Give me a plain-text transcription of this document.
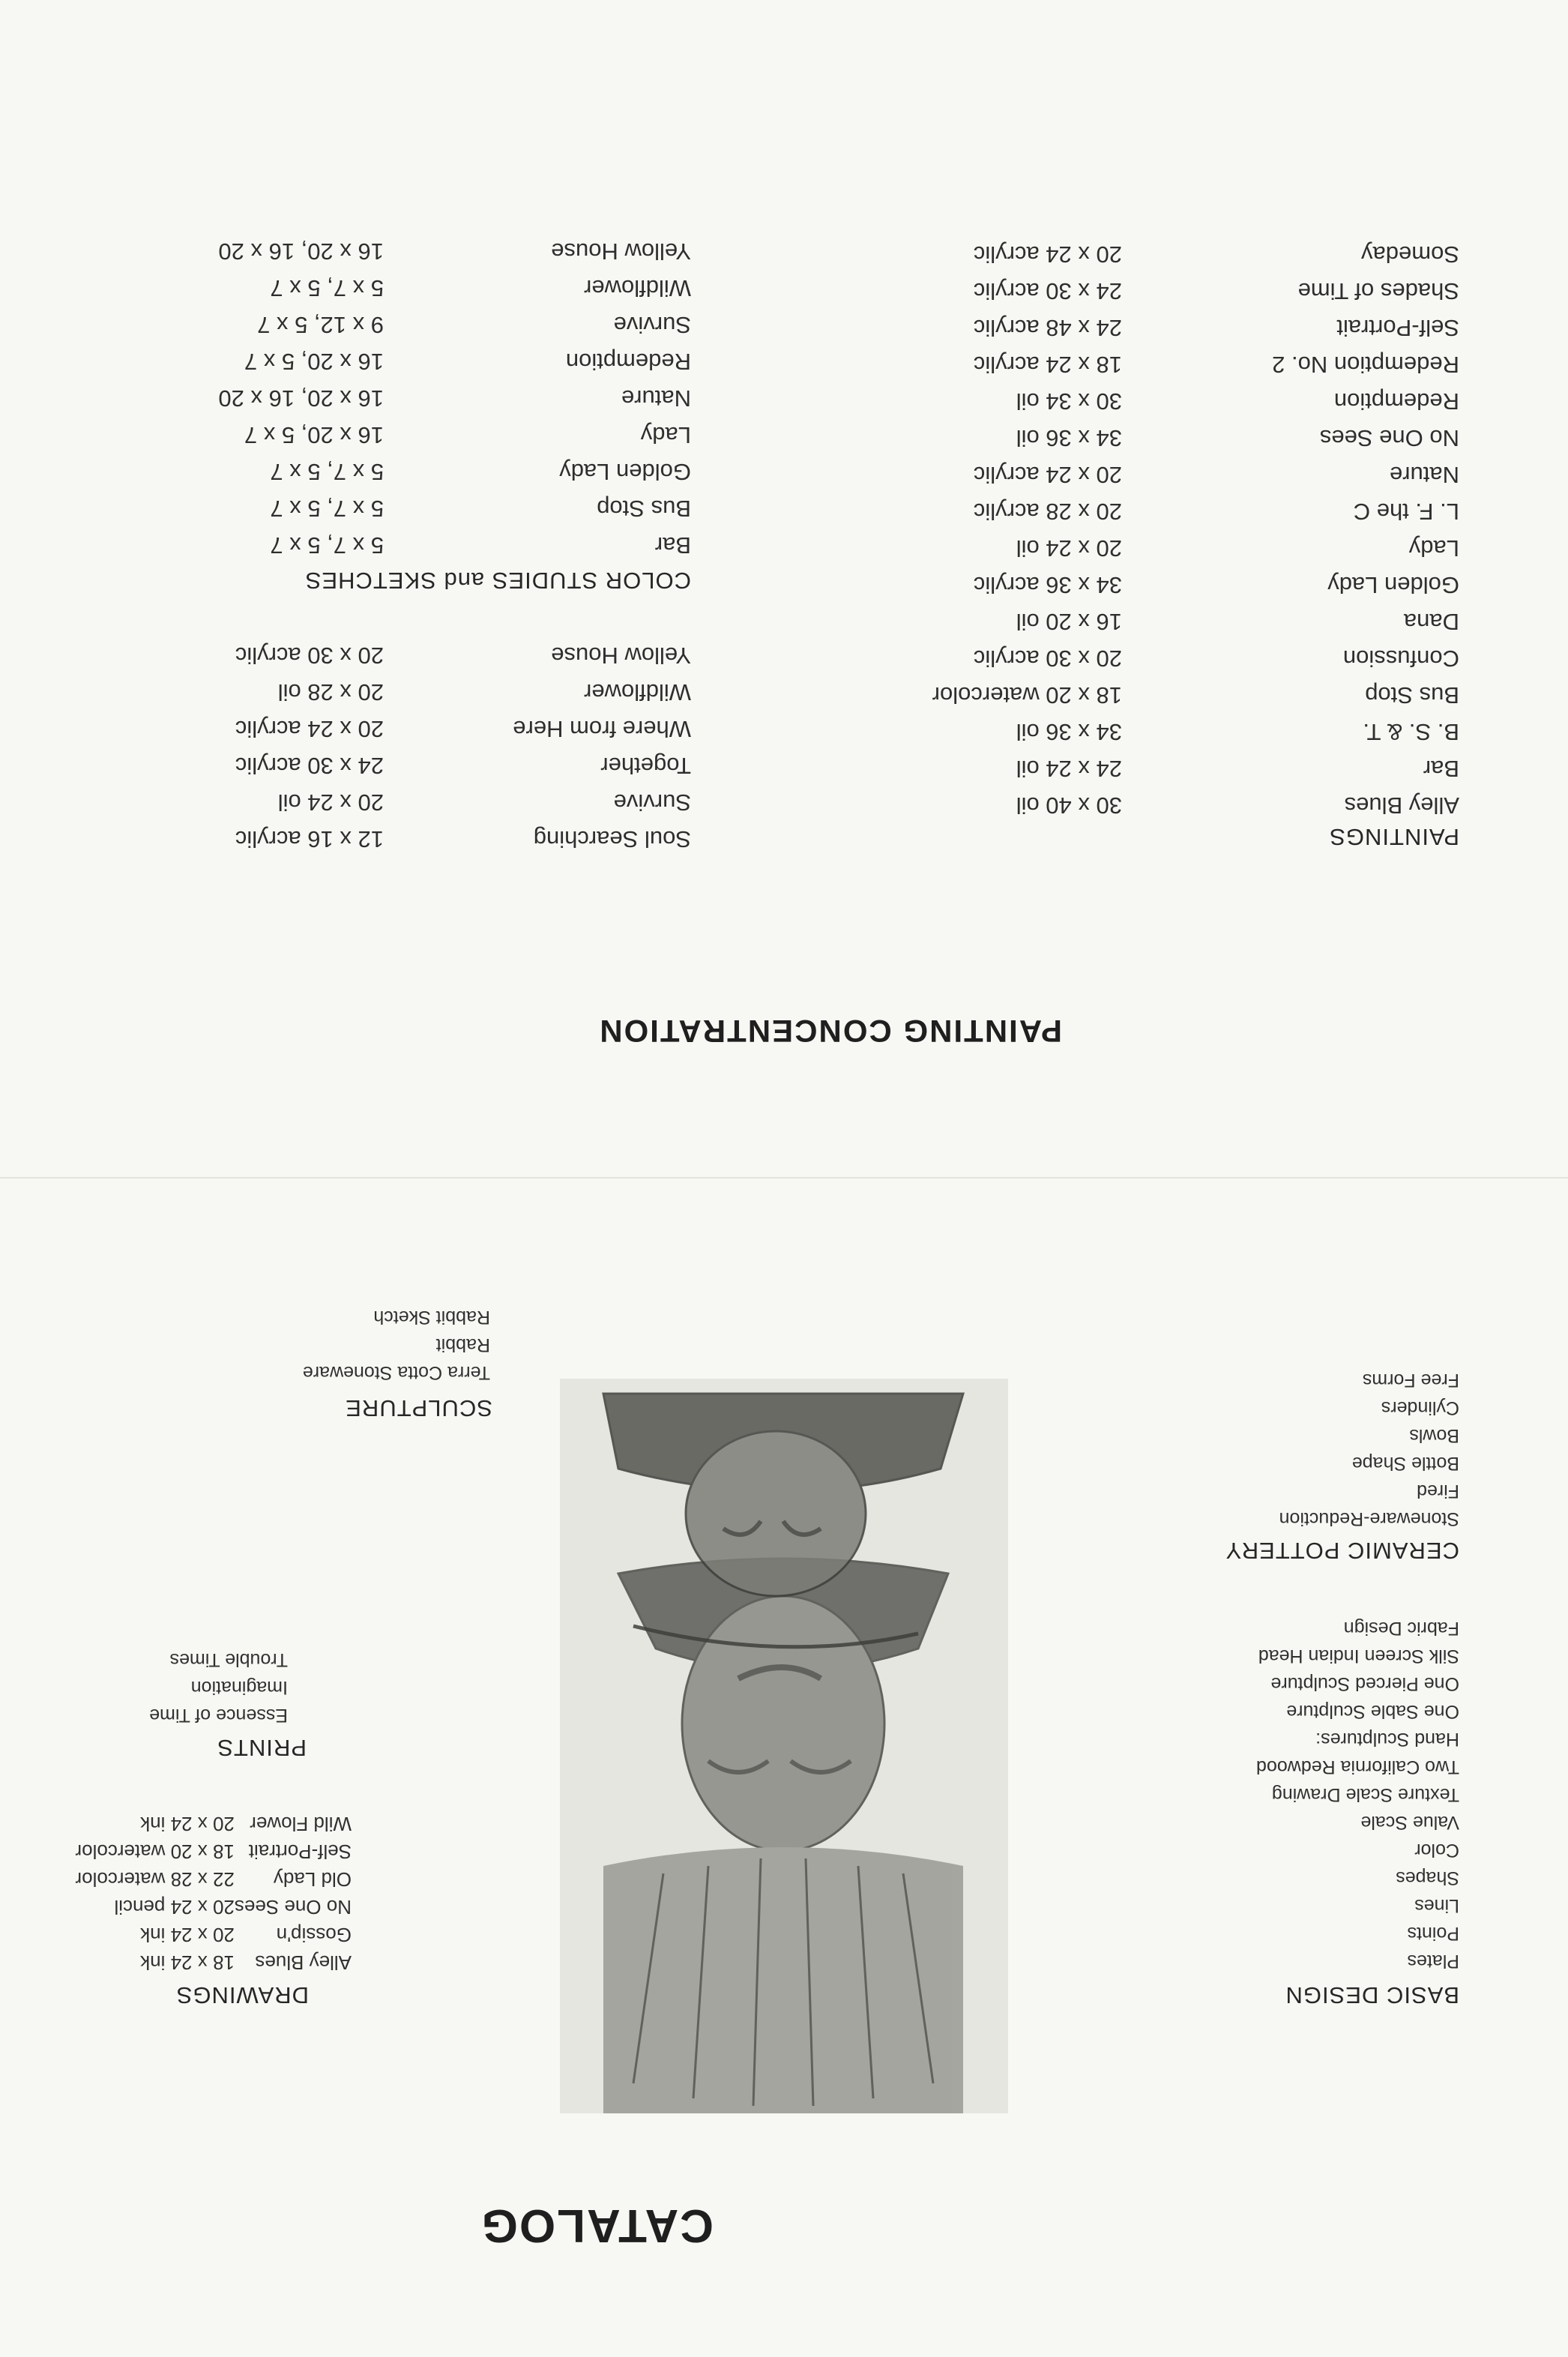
CATALOG
DRAWINGS
Alley Blues	18 x 24 ink
Gossip'n	20 x 24 ink
No One Sees	20 x 24 pencil
Old Lady	22 x 28 watercolor
Self-Portrait	18 x 20 watercolor
Wild Flower	20 x 24 ink
PRINTS
Essence of Time
Imagination
Trouble Times
SCULPTURE
Terra Cotta Stoneware
Rabbit
Rabbit Sketch
BASIC DESIGN
Plates
Points
Lines
Shapes
Color
Value Scale
Texture Scale Drawing
Two California Redwood
Hand Sculptures:
One Sable Sculpture
One Pierced Sculpture
Silk Screen Indian Head
Fabric Design
CERAMIC POTTERY
Stoneware-Reduction
Fired
Bottle Shape
Bowls
Cylinders
Free Forms
PAINTING CONCENTRATION
PAINTINGS
Alley Blues	30 x 40 oil
Bar	24 x 24 oil
B. S. & T.	34 x 36 oil
Bus Stop	18 x 20 watercolor
Confussion	20 x 30 acrylic
Dana	16 x 20 oil
Golden Lady	34 x 36 acrylic
Lady	20 x 24 oil
L. F. the C	20 x 28 acrylic
Nature	20 x 24 acrylic
No One Sees	34 x 36 oil
Redemption	30 x 34 oil
Redemption No. 2	18 x 24 acrylic
Self-Portrait	24 x 48 acrylic
Shades of Time	24 x 30 acrylic
Someday	20 x 24 acrylic
Soul Searching	12 x 16 acrylic
Survive	20 x 24 oil
Together	24 x 30 acrylic
Where from Here	20 x 24 acrylic
Wildflower	20 x 28 oil
Yellow House	20 x 30 acrylic
COLOR STUDIES and SKETCHES
Bar	5 x 7, 5 x 7
Bus Stop	5 x 7, 5 x 7
Golden Lady	5 x 7, 5 x 7
Lady	16 x 20, 5 x 7
Nature	16 x 20, 16 x 20
Redemption	16 x 20, 5 x 7
Survive	9 x 12, 5 x 7
Wildflower	5 x 7, 5 x 7
Yellow House	16 x 20, 16 x 20
